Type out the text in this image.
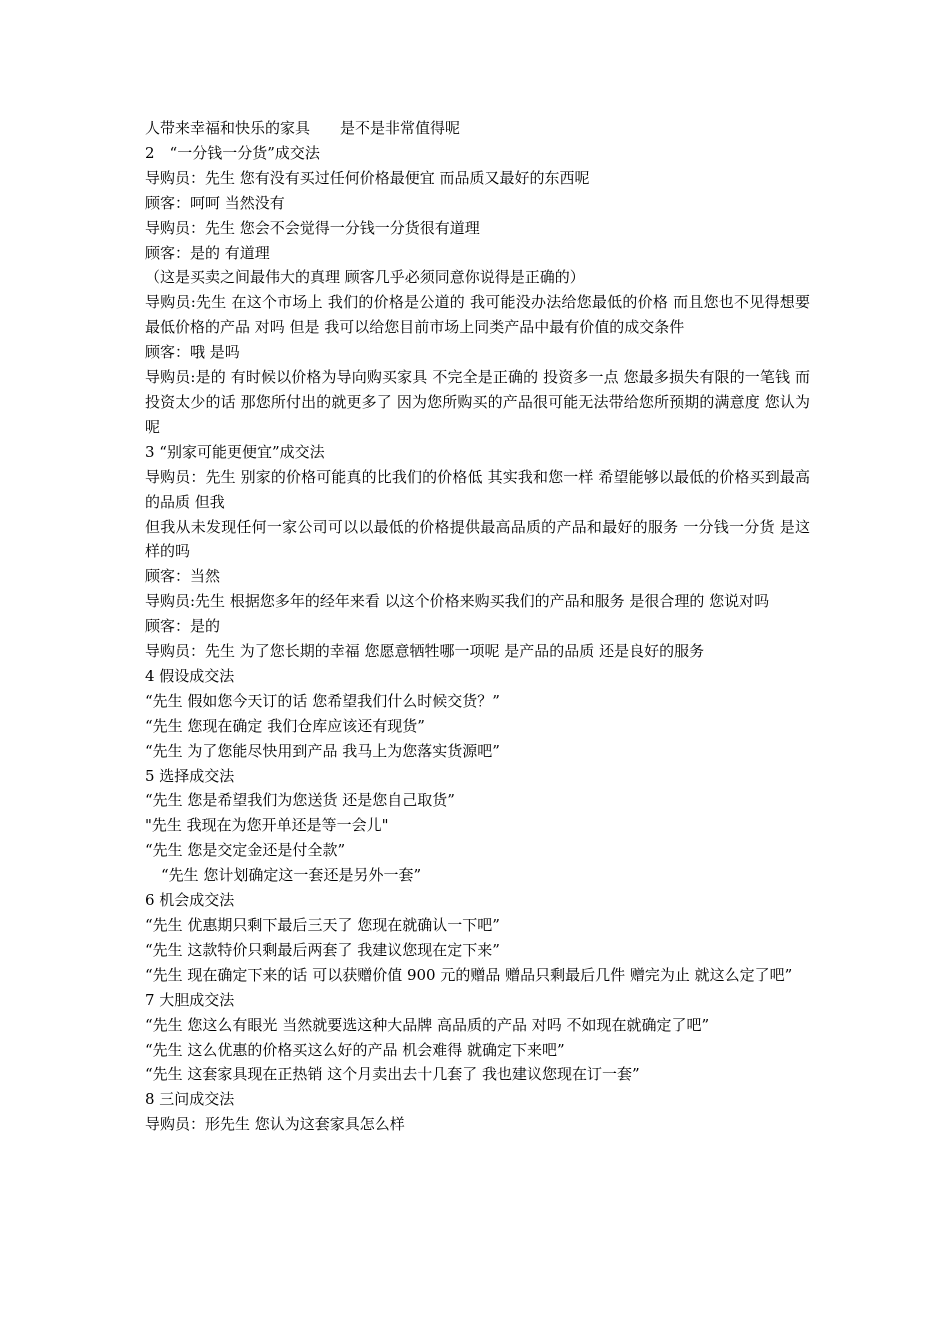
人带来幸福和快乐的家具　　是不是非常值得呢

2　“一分钱一分货”成交法

导购员：先生 您有没有买过任何价格最便宜 而品质又最好的东西呢

顾客：呵呵 当然没有

导购员：先生 您会不会觉得一分钱一分货很有道理

顾客：是的 有道理

（这是买卖之间最伟大的真理 顾客几乎必须同意你说得是正确的）

导购员:先生 在这个市场上 我们的价格是公道的 我可能没办法给您最低的价格 而且您也不见得想要最低价格的产品 对吗 但是 我可以给您目前市场上同类产品中最有价值的成交条件

顾客：哦 是吗

导购员:是的 有时候以价格为导向购买家具 不完全是正确的 投资多一点 您最多损失有限的一笔钱 而投资太少的话 那您所付出的就更多了 因为您所购买的产品很可能无法带给您所预期的满意度 您认为呢

3 “别家可能更便宜”成交法

导购员：先生 别家的价格可能真的比我们的价格低 其实我和您一样 希望能够以最低的价格买到最高的品质 但我

但我从未发现任何一家公司可以以最低的价格提供最高品质的产品和最好的服务 一分钱一分货 是这样的吗

顾客：当然

导购员:先生 根据您多年的经年来看 以这个价格来购买我们的产品和服务 是很合理的 您说对吗

顾客：是的

导购员：先生 为了您长期的幸福 您愿意牺牲哪一项呢 是产品的品质 还是良好的服务

4 假设成交法

“先生 假如您今天订的话 您希望我们什么时候交货？”

“先生 您现在确定 我们仓库应该还有现货”

“先生 为了您能尽快用到产品 我马上为您落实货源吧”

5 选择成交法

“先生 您是希望我们为您送货 还是您自己取货”

"先生 我现在为您开单还是等一会儿"

“先生 您是交定金还是付全款”

“先生 您计划确定这一套还是另外一套”

6 机会成交法

“先生 优惠期只剩下最后三天了 您现在就确认一下吧”

“先生 这款特价只剩最后两套了 我建议您现在定下来”

“先生 现在确定下来的话 可以获赠价值 900 元的赠品 赠品只剩最后几件 赠完为止 就这么定了吧”

7 大胆成交法

“先生 您这么有眼光 当然就要选这种大品牌 高品质的产品 对吗 不如现在就确定了吧”

“先生 这么优惠的价格买这么好的产品 机会难得 就确定下来吧”

“先生 这套家具现在正热销 这个月卖出去十几套了 我也建议您现在订一套”

8 三问成交法

导购员：形先生 您认为这套家具怎么样
